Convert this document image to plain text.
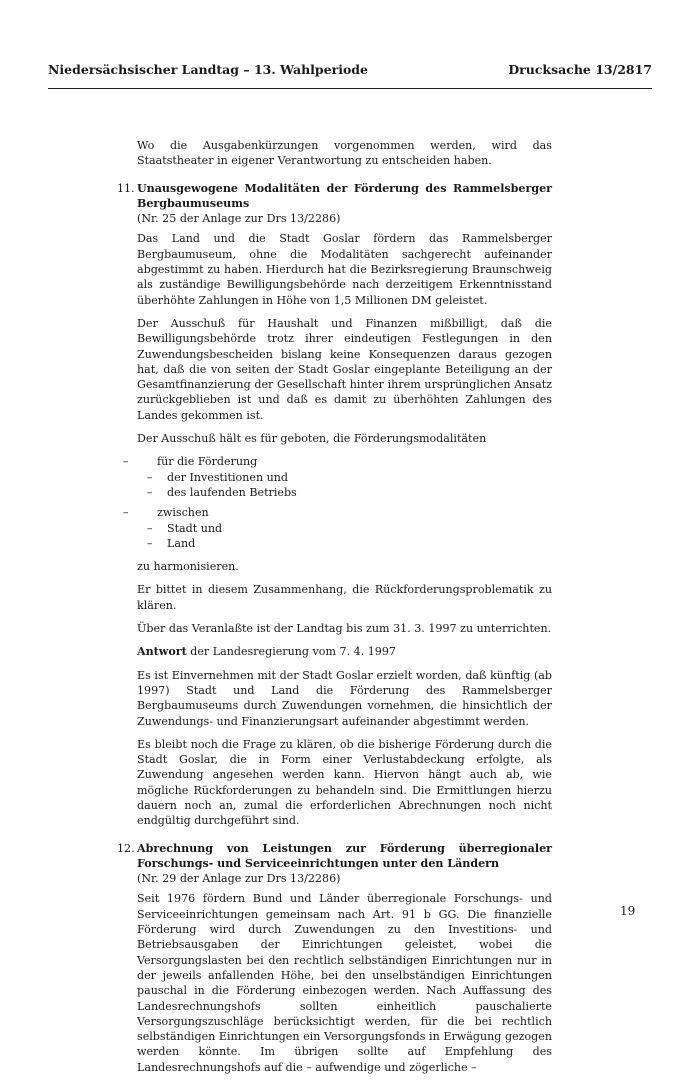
Niedersächsischer Landtag – 13. Wahlperiode	Drucksache 13/2817

Wo die Ausgabenkürzungen vorgenommen werden, wird das Staatstheater in eigener Verantwortung zu entscheiden haben.

11. Unausgewogene Modalitäten der Förderung des Rammelsberger Bergbaumuseums

(Nr. 25 der Anlage zur Drs 13/2286)

Das Land und die Stadt Goslar fördern das Rammelsberger Bergbaumuseum, ohne die Modalitäten sachgerecht aufeinander abgestimmt zu haben. Hierdurch hat die Bezirksregierung Braunschweig als zuständige Bewilligungsbehörde nach derzeitigem Erkenntnisstand überhöhte Zahlungen in Höhe von 1,5 Millionen DM geleistet.

Der Ausschuß für Haushalt und Finanzen mißbilligt, daß die Bewilligungsbehörde trotz ihrer eindeutigen Festlegungen in den Zuwendungsbescheiden bislang keine Konsequenzen daraus gezogen hat, daß die von seiten der Stadt Goslar eingeplante Beteiligung an der Gesamtfinanzierung der Gesellschaft hinter ihrem ursprünglichen Ansatz zurückgeblieben ist und daß es damit zu überhöhten Zahlungen des Landes gekommen ist.

Der Ausschuß hält es für geboten, die Förderungsmodalitäten

–	für die Förderung
– der Investitionen und
– des laufenden Betriebs
–	zwischen
– Stadt und
– Land

zu harmonisieren.

Er bittet in diesem Zusammenhang, die Rückforderungsproblematik zu klären.

Über das Veranlaßte ist der Landtag bis zum 31. 3. 1997 zu unterrichten.

Antwort der Landesregierung vom 7. 4. 1997

Es ist Einvernehmen mit der Stadt Goslar erzielt worden, daß künftig (ab 1997) Stadt und Land die Förderung des Rammelsberger Bergbaumuseums durch Zuwendungen vornehmen, die hinsichtlich der Zuwendungs- und Finanzierungsart aufeinander abgestimmt werden.

Es bleibt noch die Frage zu klären, ob die bisherige Förderung durch die Stadt Goslar, die in Form einer Verlustabdeckung erfolgte, als Zuwendung angesehen werden kann. Hiervon hängt auch ab, wie mögliche Rückforderungen zu behandeln sind. Die Ermittlungen hierzu dauern noch an, zumal die erforderlichen Abrechnungen noch nicht endgültig durchgeführt sind.

12. Abrechnung von Leistungen zur Förderung überregionaler Forschungs- und Serviceeinrichtungen unter den Ländern

(Nr. 29 der Anlage zur Drs 13/2286)

Seit 1976 fördern Bund und Länder überregionale Forschungs- und Serviceeinrichtungen gemeinsam nach Art. 91 b GG. Die finanzielle Förderung wird durch Zuwendungen zu den Investitions- und Betriebsausgaben der Einrichtungen geleistet, wobei die Versorgungslasten bei den rechtlich selbständigen Einrichtungen nur in der jeweils anfallenden Höhe, bei den unselbständigen Einrichtungen pauschal in die Förderung einbezogen werden. Nach Auffassung des Landesrechnungshofs sollten einheitlich pauschalierte Versorgungszuschläge berücksichtigt werden, für die bei rechtlich selbständigen Einrichtungen ein Versorgungsfonds in Erwägung gezogen werden könnte. Im übrigen sollte auf Empfehlung des Landesrechnungshofs auf die – aufwendige und zögerliche –

19
